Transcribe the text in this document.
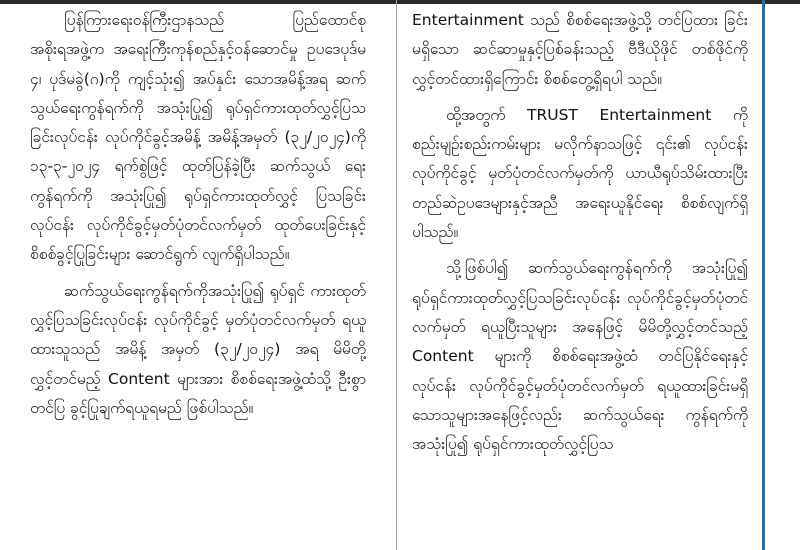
ပြန်ကြားရေးဝန်ကြီးဌာနသည် ပြည်ထောင်စု အစိုးရအဖွဲ့က အရေးကြီးကုန်စည်နှင့်ဝန်ဆောင်မှု ဥပဒေပုဒ်မ ၄၊ ပုဒ်မခွဲ(ဂ)ကို ကျင့်သုံး၍ အပ်နှင်း သောအမိန့်အရ ဆက်သွယ်ရေးကွန်ရက်ကို အသုံးပြု၍ ရုပ်ရှင်ကားထုတ်လွှင့်ပြသခြင်းလုပ်ငန်း လုပ်ကိုင်ခွင့်အမိန့် အမိန့်အမှတ် (၃၂/၂၀၂၄)ကို ၁၃-၃-၂၀၂၄ ရက်စွဲဖြင့် ထုတ်ပြန်ခဲ့ပြီး ဆက်သွယ် ရေးကွန်ရက်ကို အသုံးပြု၍ ရုပ်ရှင်ကားထုတ်လွှင့် ပြသခြင်းလုပ်ငန်း လုပ်ကိုင်ခွင့်မှတ်ပုံတင်လက်မှတ် ထုတ်ပေးခြင်းနှင့် စိစစ်ခွင့်ပြုခြင်းများ ဆောင်ရွက် လျက်ရှိပါသည်။

ဆက်သွယ်ရေးကွန်ရက်ကိုအသုံးပြု၍ ရုပ်ရှင် ကားထုတ်လွှင့်ပြသခြင်းလုပ်ငန်း လုပ်ကိုင်ခွင့် မှတ်ပုံတင်လက်မှတ် ရယူထားသူသည် အမိန့် အမှတ် (၃၂/၂၀၂၄) အရ မိမိတို့ လွှင့်တင်မည့် Content များအား စိစစ်ရေးအဖွဲ့ထံသို့ ဦးစွာတင်ပြ ခွင့်ပြုချက်ရယူရမည် ဖြစ်ပါသည်။

Entertainment သည် စိစစ်ရေးအဖွဲ့သို့ တင်ပြထား ခြင်းမရှိသော ဆင်ဆာမှုနှင့်ပြစ်ခန်းသည့် ဗီဒီယိုဖိုင် တစ်ဖိုင်ကို လွှင့်တင်ထားရှိကြောင်း စိစစ်တွေ့ရှိရပါ သည်။

ထို့အတွက် TRUST Entertainment ကို စည်းမျဉ်းစည်းကမ်းများ မလိုက်နာသဖြင့် ၎င်း၏ လုပ်ငန်းလုပ်ကိုင်ခွင့် မှတ်ပုံတင်လက်မှတ်ကို ယာယီရုပ်သိမ်းထားပြီး တည်ဆဲဥပဒေများနှင့်အညီ အရေးယူနိုင်ရေး စိစစ်လျက်ရှိပါသည်။

သို့ဖြစ်ပါ၍ ဆက်သွယ်ရေးကွန်ရက်ကို အသုံးပြု၍ ရုပ်ရှင်ကားထုတ်လွှင့်ပြသခြင်းလုပ်ငန်း လုပ်ကိုင်ခွင့်မှတ်ပုံတင်လက်မှတ် ရယူပြီးသူများ အနေဖြင့် မိမိတို့လွှင့်တင်သည့် Content များကို စိစစ်ရေးအဖွဲ့ထံ တင်ပြနိုင်ရေးနှင့် လုပ်ငန်း လုပ်ကိုင်ခွင့်မှတ်ပုံတင်လက်မှတ် ရယူထားခြင်းမရှိ သောသူများအနေဖြင့်လည်း ဆက်သွယ်ရေး ကွန်ရက်ကို အသုံးပြု၍ ရုပ်ရှင်ကားထုတ်လွှင့်ပြသ
